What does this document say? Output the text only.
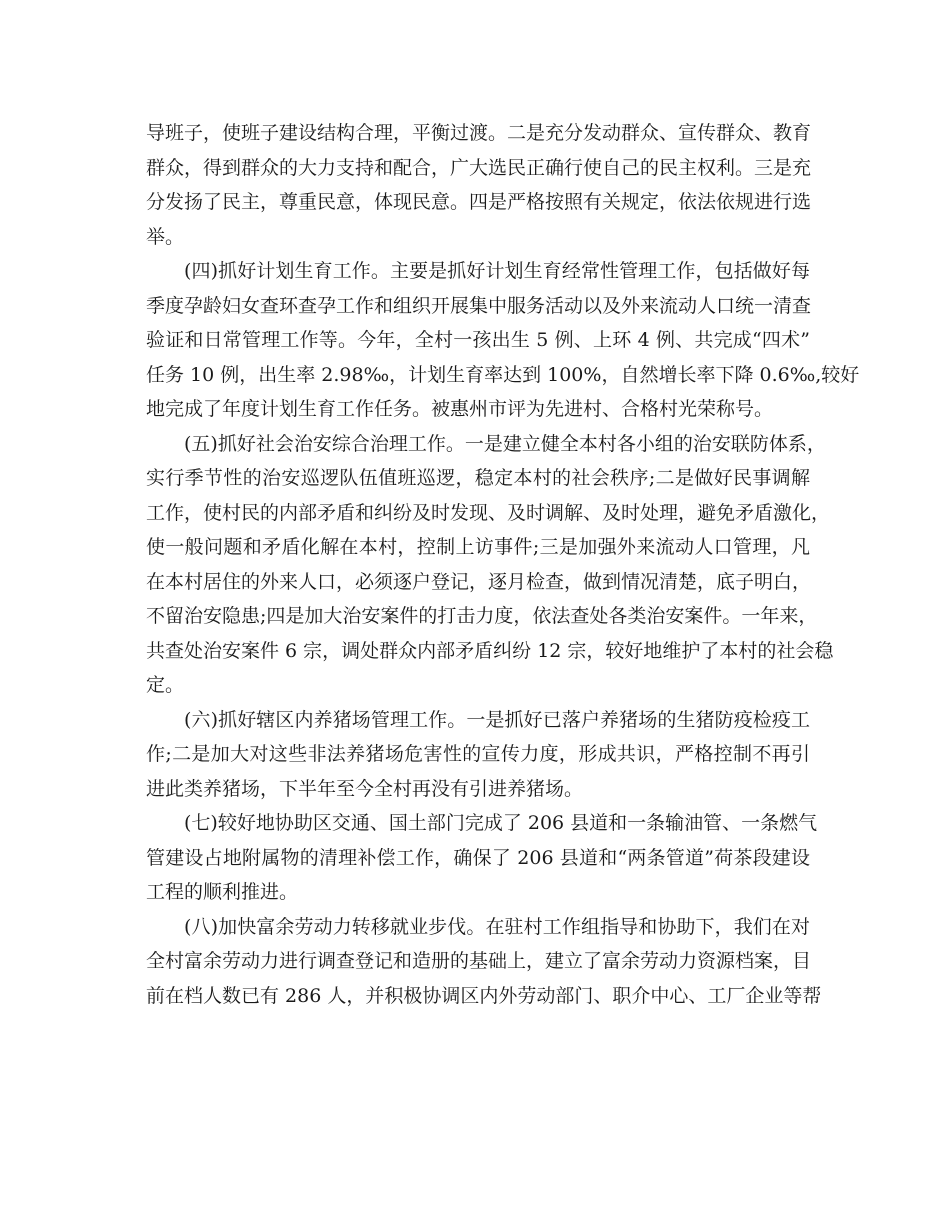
导班子，使班子建设结构合理，平衡过渡。二是充分发动群众、宣传群众、教育
群众，得到群众的大力支持和配合，广大选民正确行使自己的民主权利。三是充
分发扬了民主，尊重民意，体现民意。四是严格按照有关规定，依法依规进行选
举。
(四)抓好计划生育工作。主要是抓好计划生育经常性管理工作，包括做好每
季度孕龄妇女查环查孕工作和组织开展集中服务活动以及外来流动人口统一清查
验证和日常管理工作等。今年，全村一孩出生 5 例、上环 4 例、共完成“四术”
任务 10 例，出生率 2.98‰，计划生育率达到 100%，自然增长率下降 0.6‰,较好
地完成了年度计划生育工作任务。被惠州市评为先进村、合格村光荣称号。
(五)抓好社会治安综合治理工作。一是建立健全本村各小组的治安联防体系，
实行季节性的治安巡逻队伍值班巡逻，稳定本村的社会秩序;二是做好民事调解
工作，使村民的内部矛盾和纠纷及时发现、及时调解、及时处理，避免矛盾激化，
使一般问题和矛盾化解在本村，控制上访事件;三是加强外来流动人口管理，凡
在本村居住的外来人口，必须逐户登记，逐月检查，做到情况清楚，底子明白，
不留治安隐患;四是加大治安案件的打击力度，依法查处各类治安案件。一年来，
共查处治安案件 6 宗，调处群众内部矛盾纠纷 12 宗，较好地维护了本村的社会稳
定。
(六)抓好辖区内养猪场管理工作。一是抓好已落户养猪场的生猪防疫检疫工
作;二是加大对这些非法养猪场危害性的宣传力度，形成共识，严格控制不再引
进此类养猪场，下半年至今全村再没有引进养猪场。
(七)较好地协助区交通、国土部门完成了 206 县道和一条输油管、一条燃气
管建设占地附属物的清理补偿工作，确保了 206 县道和“两条管道”荷茶段建设
工程的顺利推进。
(八)加快富余劳动力转移就业步伐。在驻村工作组指导和协助下，我们在对
全村富余劳动力进行调查登记和造册的基础上，建立了富余劳动力资源档案，目
前在档人数已有 286 人，并积极协调区内外劳动部门、职介中心、工厂企业等帮
